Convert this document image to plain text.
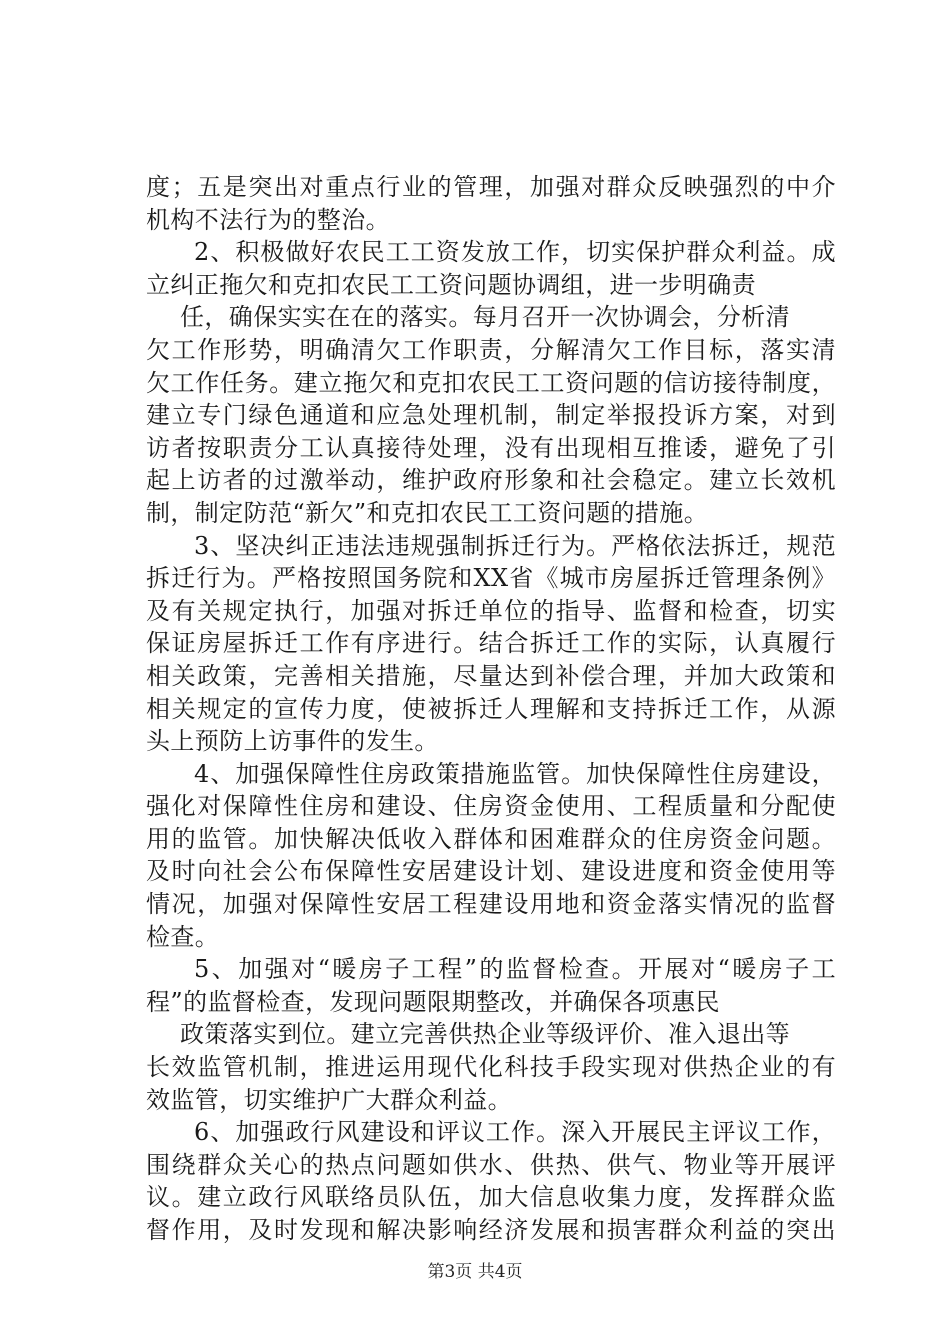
度；五是突出对重点行业的管理，加强对群众反映强烈的中介
机构不法行为的整治。
2、积极做好农民工工资发放工作，切实保护群众利益。成
立纠正拖欠和克扣农民工工资问题协调组，进一步明确责
任，确保实实在在的落实。每月召开一次协调会，分析清
欠工作形势，明确清欠工作职责，分解清欠工作目标，落实清
欠工作任务。建立拖欠和克扣农民工工资问题的信访接待制度，
建立专门绿色通道和应急处理机制，制定举报投诉方案，对到
访者按职责分工认真接待处理，没有出现相互推诿，避免了引
起上访者的过激举动，维护政府形象和社会稳定。建立长效机
制，制定防范“新欠”和克扣农民工工资问题的措施。
3、坚决纠正违法违规强制拆迁行为。严格依法拆迁，规范
拆迁行为。严格按照国务院和XX省《城市房屋拆迁管理条例》
及有关规定执行，加强对拆迁单位的指导、监督和检查，切实
保证房屋拆迁工作有序进行。结合拆迁工作的实际，认真履行
相关政策，完善相关措施，尽量达到补偿合理，并加大政策和
相关规定的宣传力度，使被拆迁人理解和支持拆迁工作，从源
头上预防上访事件的发生。
4、加强保障性住房政策措施监管。加快保障性住房建设，
强化对保障性住房和建设、住房资金使用、工程质量和分配使
用的监管。加快解决低收入群体和困难群众的住房资金问题。
及时向社会公布保障性安居建设计划、建设进度和资金使用等
情况，加强对保障性安居工程建设用地和资金落实情况的监督
检查。
5、加强对“暖房子工程”的监督检查。开展对“暖房子工
程”的监督检查，发现问题限期整改，并确保各项惠民
政策落实到位。建立完善供热企业等级评价、准入退出等
长效监管机制，推进运用现代化科技手段实现对供热企业的有
效监管，切实维护广大群众利益。
6、加强政行风建设和评议工作。深入开展民主评议工作，
围绕群众关心的热点问题如供水、供热、供气、物业等开展评
议。建立政行风联络员队伍，加大信息收集力度，发挥群众监
督作用，及时发现和解决影响经济发展和损害群众利益的突出
第3页 共4页
